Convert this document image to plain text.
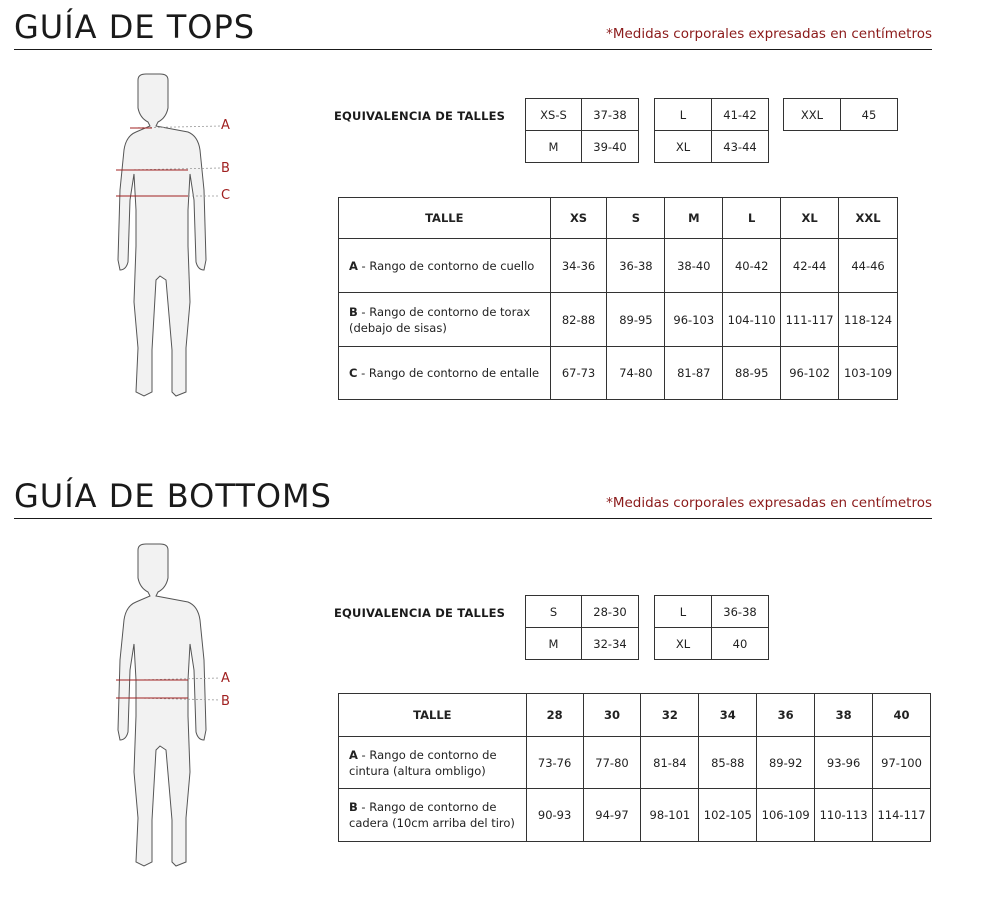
GUÍA DE TOPS	*Medidas corporales expresadas en centímetros
A
B
C
EQUIVALENCIA DE TALLES	XS-S	37-38
M	39-40
L	41-42
XL	43-44
XXL	45
TALLE	XS	S	M	L	XL	XXL
A - Rango de contorno de cuello	34-36	36-38	38-40	40-42	42-44	44-46
B - Rango de contorno de torax (debajo de sisas)	82-88	89-95	96-103	104-110	111-117	118-124
C - Rango de contorno de entalle	67-73	74-80	81-87	88-95	96-102	103-109
GUÍA DE BOTTOMS	*Medidas corporales expresadas en centímetros
A
B
EQUIVALENCIA DE TALLES	S	28-30
M	32-34
L	36-38
XL	40
TALLE	28	30	32	34	36	38	40
A - Rango de contorno de cintura (altura ombligo)	73-76	77-80	81-84	85-88	89-92	93-96	97-100
B - Rango de contorno de cadera (10cm arriba del tiro)	90-93	94-97	98-101	102-105	106-109	110-113	114-117
